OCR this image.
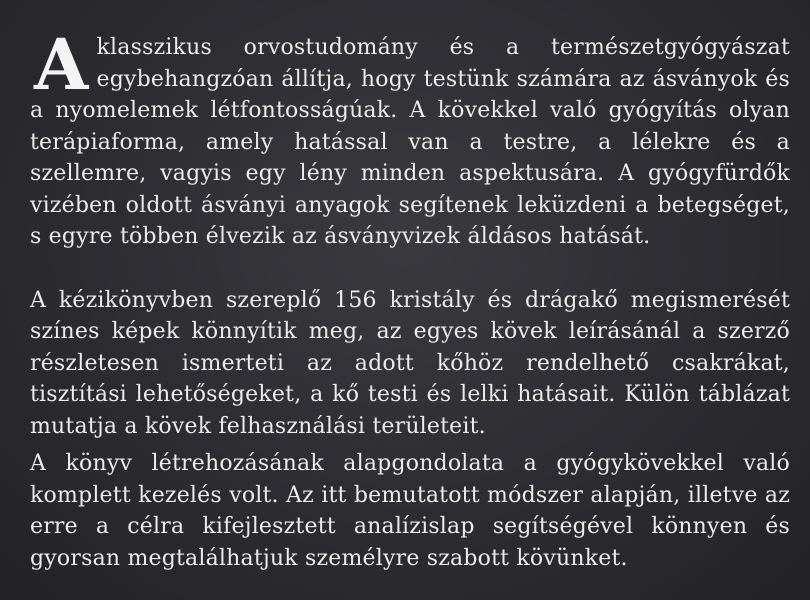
Aklasszikus orvostudomány és a természetgyógyászat egybehangzóan állítja, hogy testünk számára az ásványok és a nyomelemek létfontosságúak. A kövekkel való gyógyítás olyan terápiaforma, amely hatással van a testre, a lélekre és a szellemre, vagyis egy lény minden aspektusára. A gyógyfürdők vizében oldott ásványi anyagok segítenek leküzdeni a betegséget, s egyre többen élvezik az ásványvizek áldásos hatását.

A kézikönyvben szereplő 156 kristály és drágakő megismerését színes képek könnyítik meg, az egyes kövek leírásánál a szerző részletesen ismerteti az adott kőhöz rendelhető csakrákat, tisztítási lehetőségeket, a kő testi és lelki hatásait. Külön táblázat mutatja a kövek felhasználási területeit.

A könyv létrehozásának alapgondolata a gyógykövekkel való komplett kezelés volt. Az itt bemutatott módszer alapján, illetve az erre a célra kifejlesztett analízislap segítségével könnyen és gyorsan megtalálhatjuk személyre szabott kövünket.
